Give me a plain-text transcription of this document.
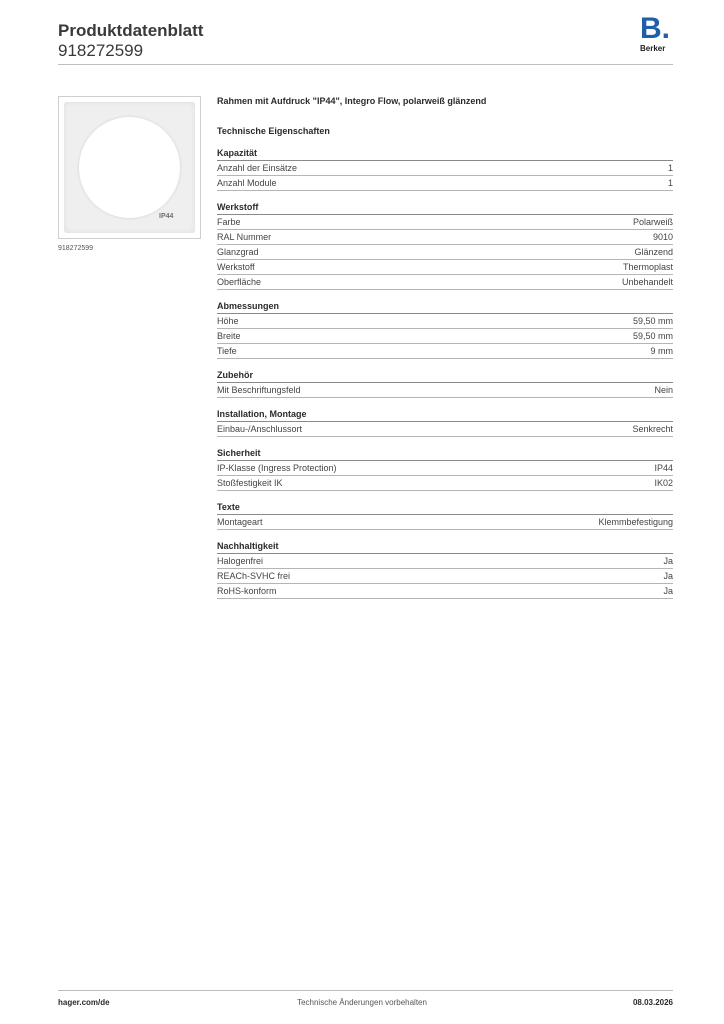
Produktdatenblatt
918272599
B.
Berker
IP44
918272599
Rahmen mit Aufdruck "IP44", Integro Flow, polarweiß glänzend
Technische Eigenschaften
Kapazität
Anzahl der Einsätze	1
Anzahl Module	1
Werkstoff
Farbe	Polarweiß
RAL Nummer	9010
Glanzgrad	Glänzend
Werkstoff	Thermoplast
Oberfläche	Unbehandelt
Abmessungen
Höhe	59,50 mm
Breite	59,50 mm
Tiefe	9 mm
Zubehör
Mit Beschriftungsfeld	Nein
Installation, Montage
Einbau-/Anschlussort	Senkrecht
Sicherheit
IP-Klasse (Ingress Protection)	IP44
Stoßfestigkeit IK	IK02
Texte
Montageart	Klemmbefestigung
Nachhaltigkeit
Halogenfrei	Ja
REACh-SVHC frei	Ja
RoHS-konform	Ja
hager.com/de	Technische Änderungen vorbehalten	08.03.2026
